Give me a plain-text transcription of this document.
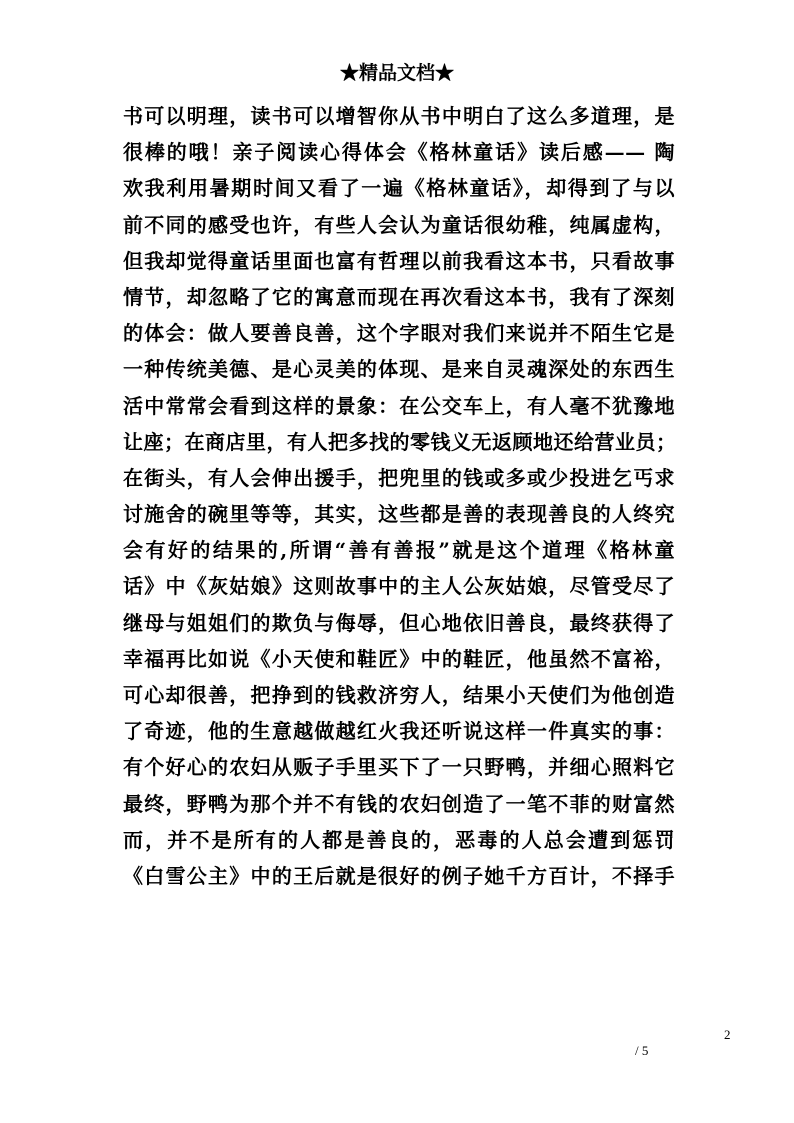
★精品文档★
书可以明理，读书可以增智你从书中明白了这么多道理，是
很棒的哦！亲子阅读心得体会《格林童话》读后感—— 陶
欢我利用暑期时间又看了一遍《格林童话》，却得到了与以
前不同的感受也许，有些人会认为童话很幼稚，纯属虚构，
但我却觉得童话里面也富有哲理以前我看这本书，只看故事
情节，却忽略了它的寓意而现在再次看这本书，我有了深刻
的体会：做人要善良善，这个字眼对我们来说并不陌生它是
一种传统美德、是心灵美的体现、是来自灵魂深处的东西生
活中常常会看到这样的景象：在公交车上，有人毫不犹豫地
让座；在商店里，有人把多找的零钱义无返顾地还给营业员；
在街头，有人会伸出援手，把兜里的钱或多或少投进乞丐求
讨施舍的碗里等等，其实，这些都是善的表现善良的人终究
会有好的结果的,所谓“善有善报”就是这个道理《格林童
话》中《灰姑娘》这则故事中的主人公灰姑娘，尽管受尽了
继母与姐姐们的欺负与侮辱，但心地依旧善良，最终获得了
幸福再比如说《小天使和鞋匠》中的鞋匠，他虽然不富裕，
可心却很善，把挣到的钱救济穷人，结果小天使们为他创造
了奇迹，他的生意越做越红火我还听说这样一件真实的事：
有个好心的农妇从贩子手里买下了一只野鸭，并细心照料它
最终，野鸭为那个并不有钱的农妇创造了一笔不菲的财富然
而，并不是所有的人都是善良的，恶毒的人总会遭到惩罚
《白雪公主》中的王后就是很好的例子她千方百计，不择手
2
/ 5
